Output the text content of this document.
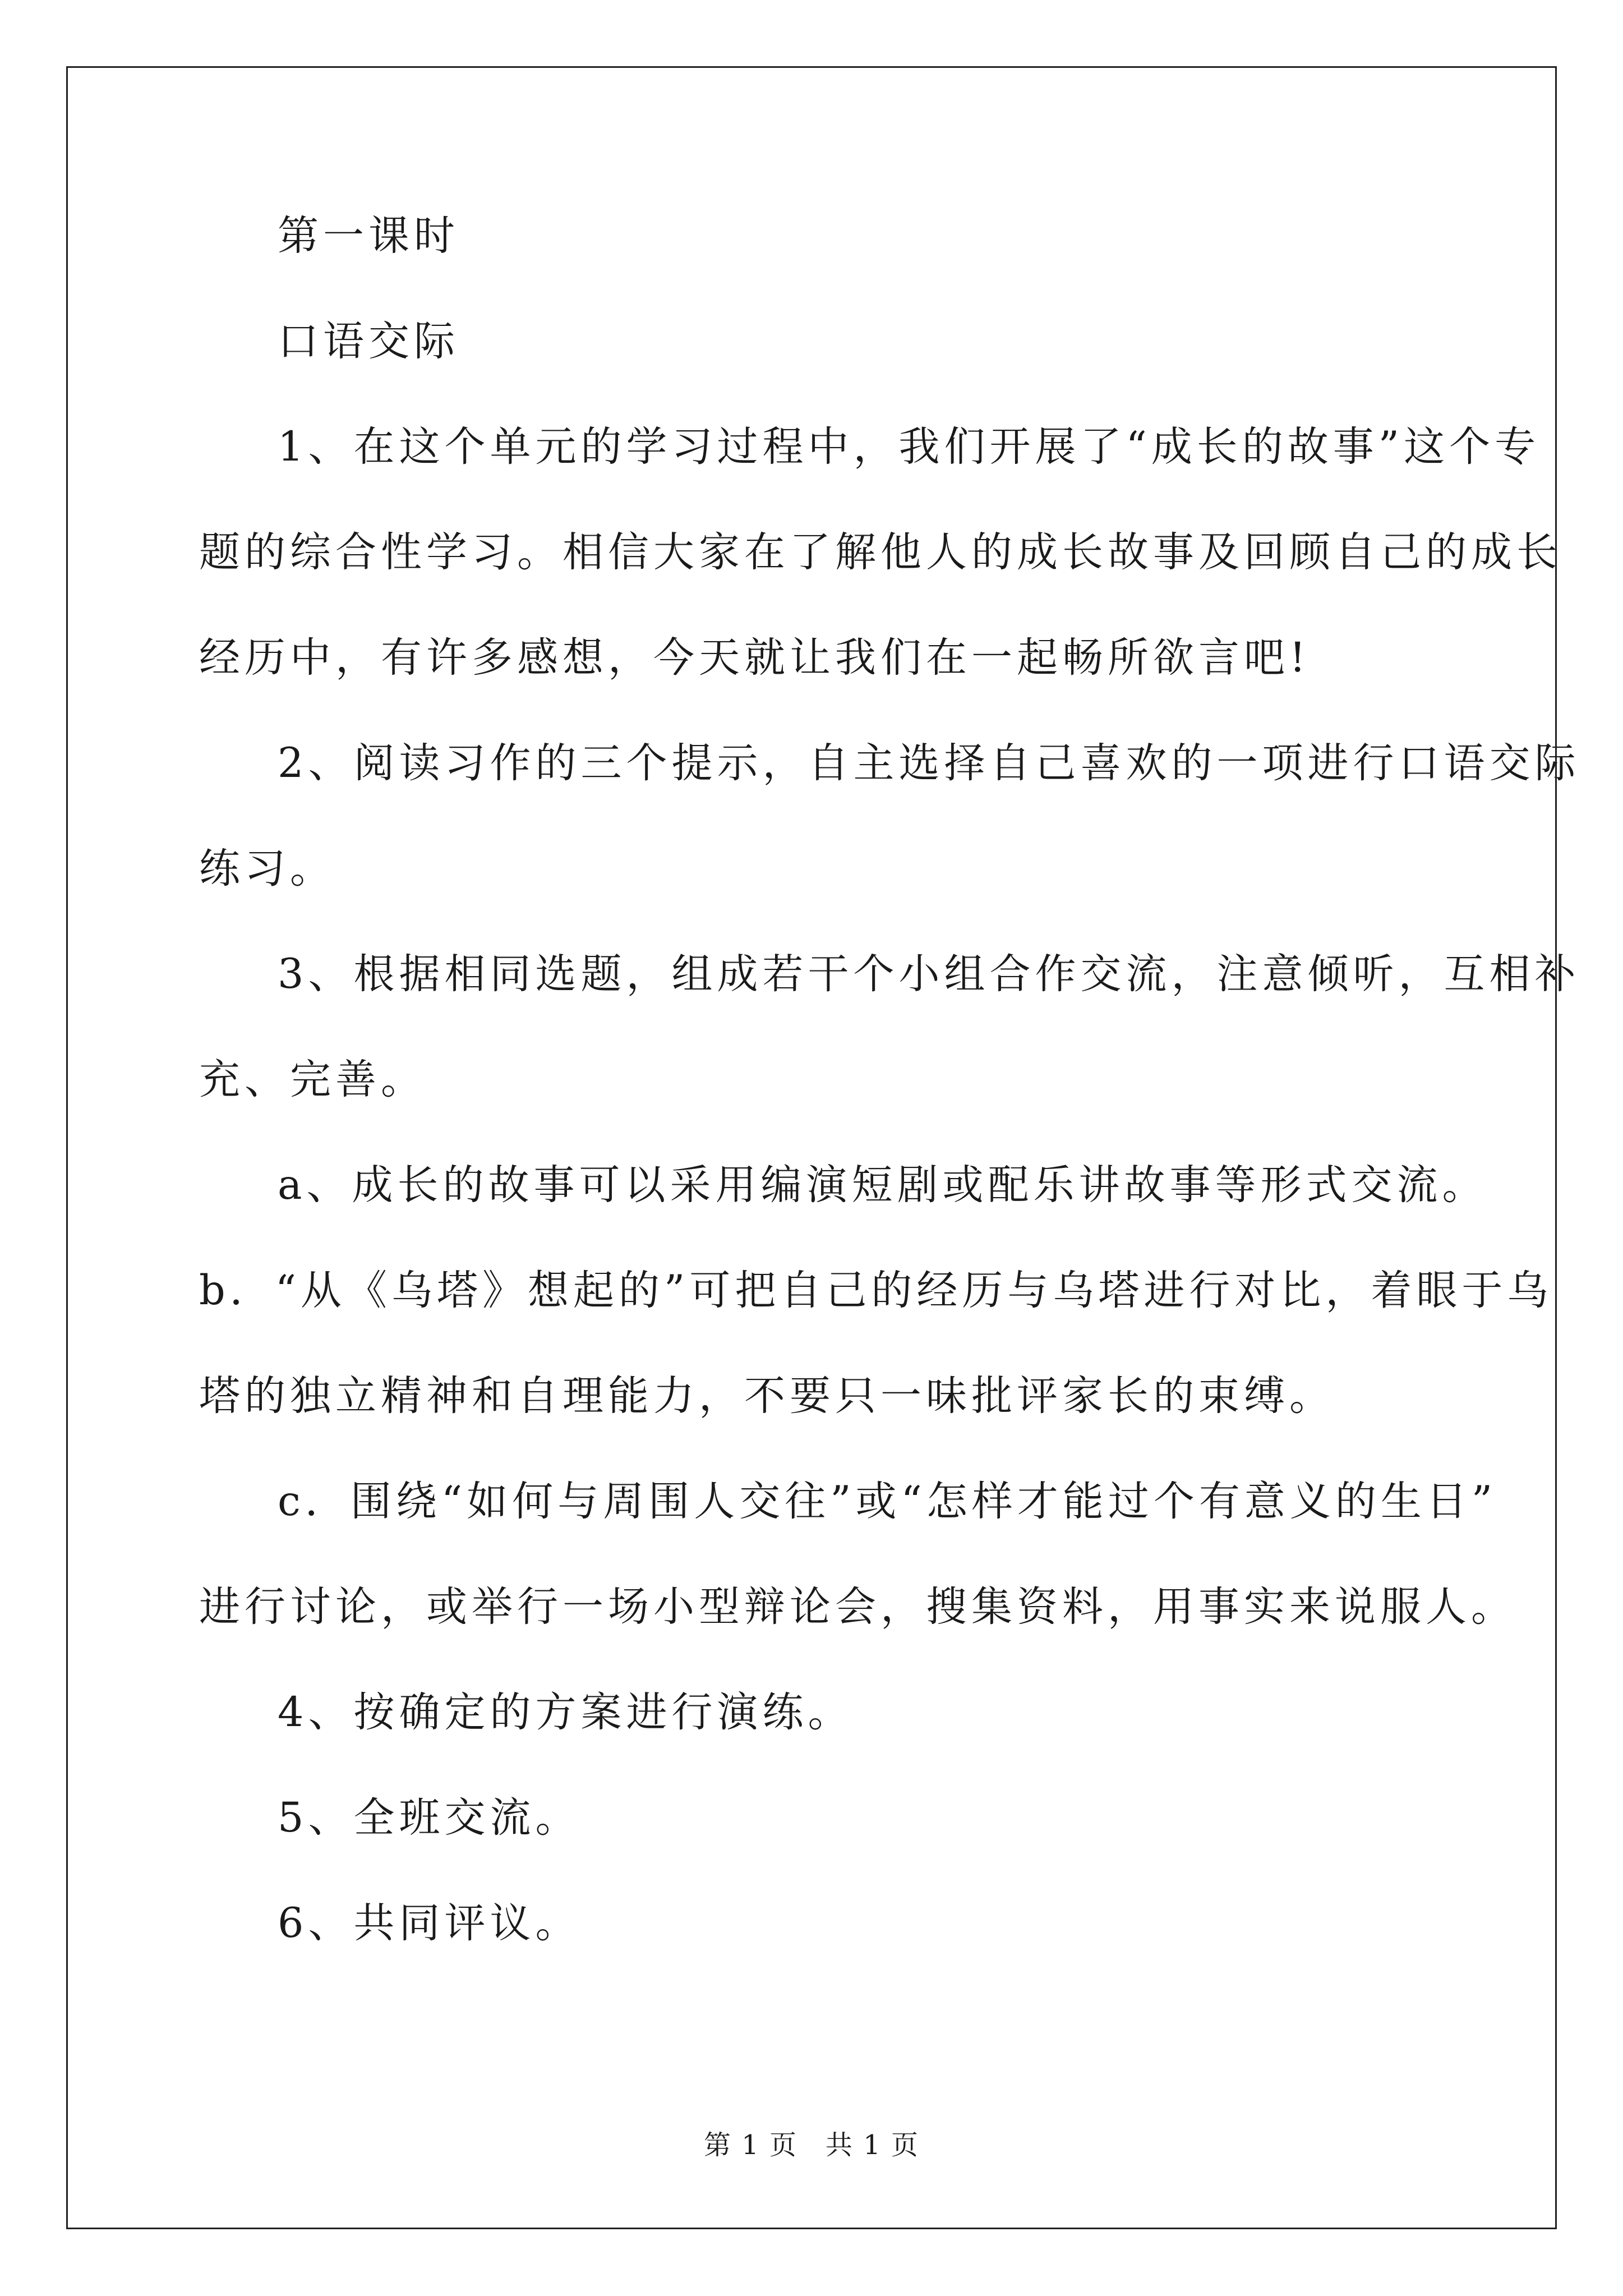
第一课时
口语交际
1、在这个单元的学习过程中，我们开展了“成长的故事”这个专
题的综合性学习。相信大家在了解他人的成长故事及回顾自己的成长
经历中，有许多感想，今天就让我们在一起畅所欲言吧!
2、阅读习作的三个提示，自主选择自己喜欢的一项进行口语交际
练习。
3、根据相同选题，组成若干个小组合作交流，注意倾听，互相补
充、完善。
a、成长的故事可以采用编演短剧或配乐讲故事等形式交流。
b．“从《乌塔》想起的”可把自己的经历与乌塔进行对比，着眼于乌
塔的独立精神和自理能力，不要只一味批评家长的束缚。
c．围绕“如何与周围人交往”或“怎样才能过个有意义的生日”
进行讨论，或举行一场小型辩论会，搜集资料，用事实来说服人。
4、按确定的方案进行演练。
5、全班交流。
6、共同评议。
第 1 页　共 1 页
